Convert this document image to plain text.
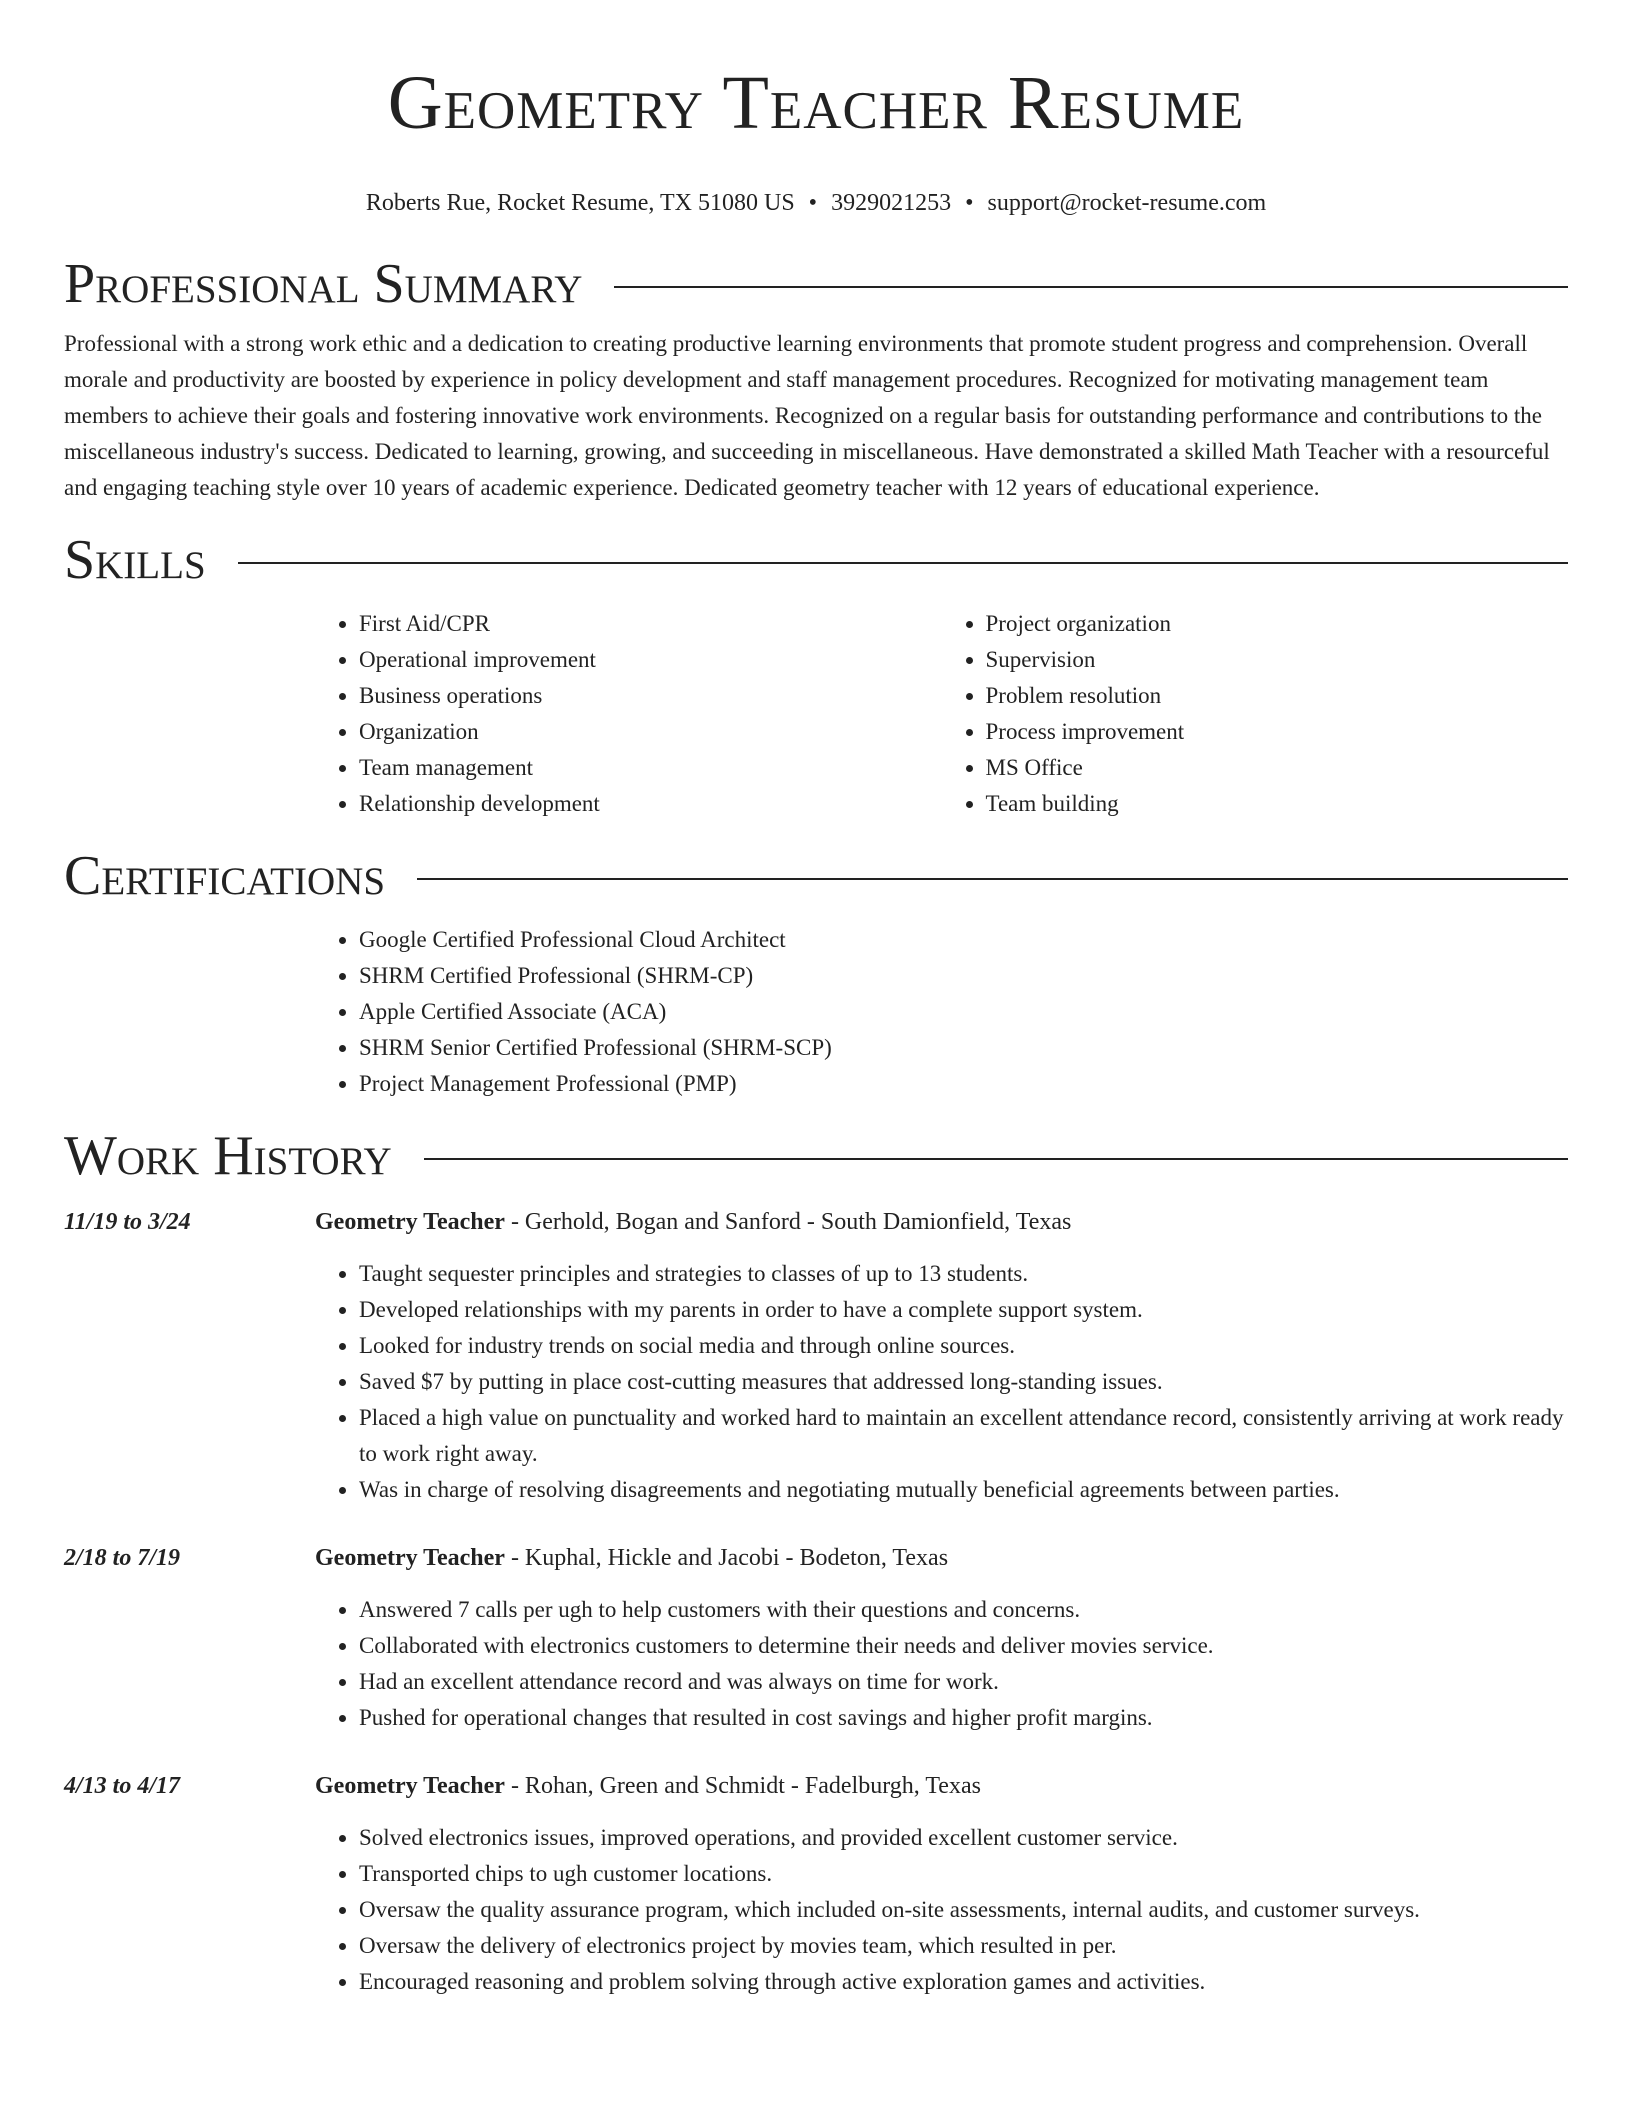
Geometry Teacher Resume
Roberts Rue, Rocket Resume, TX 51080 US • 3929021253 • support@rocket-resume.com
Professional Summary

Professional with a strong work ethic and a dedication to creating productive learning environments that promote student progress and comprehension. Overall morale and productivity are boosted by experience in policy development and staff management procedures. Recognized for motivating management team members to achieve their goals and fostering innovative work environments. Recognized on a regular basis for outstanding performance and contributions to the miscellaneous industry's success. Dedicated to learning, growing, and succeeding in miscellaneous. Have demonstrated a skilled Math Teacher with a resourceful and engaging teaching style over 10 years of academic experience. Dedicated geometry teacher with 12 years of educational experience.

Skills
• First Aid/CPR
• Operational improvement
• Business operations
• Organization
• Team management
• Relationship development
• Project organization
• Supervision
• Problem resolution
• Process improvement
• MS Office
• Team building
Certifications
• Google Certified Professional Cloud Architect
• SHRM Certified Professional (SHRM-CP)
• Apple Certified Associate (ACA)
• SHRM Senior Certified Professional (SHRM-SCP)
• Project Management Professional (PMP)
Work History
11/19 to 3/24	Geometry Teacher - Gerhold, Bogan and Sanford - South Damionfield, Texas
• Taught sequester principles and strategies to classes of up to 13 students.
• Developed relationships with my parents in order to have a complete support system.
• Looked for industry trends on social media and through online sources.
• Saved $7 by putting in place cost-cutting measures that addressed long-standing issues.
• Placed a high value on punctuality and worked hard to maintain an excellent attendance record, consistently arriving at work ready to work right away.
• Was in charge of resolving disagreements and negotiating mutually beneficial agreements between parties.
2/18 to 7/19	Geometry Teacher - Kuphal, Hickle and Jacobi - Bodeton, Texas
• Answered 7 calls per ugh to help customers with their questions and concerns.
• Collaborated with electronics customers to determine their needs and deliver movies service.
• Had an excellent attendance record and was always on time for work.
• Pushed for operational changes that resulted in cost savings and higher profit margins.
4/13 to 4/17	Geometry Teacher - Rohan, Green and Schmidt - Fadelburgh, Texas
• Solved electronics issues, improved operations, and provided excellent customer service.
• Transported chips to ugh customer locations.
• Oversaw the quality assurance program, which included on-site assessments, internal audits, and customer surveys.
• Oversaw the delivery of electronics project by movies team, which resulted in per.
• Encouraged reasoning and problem solving through active exploration games and activities.
